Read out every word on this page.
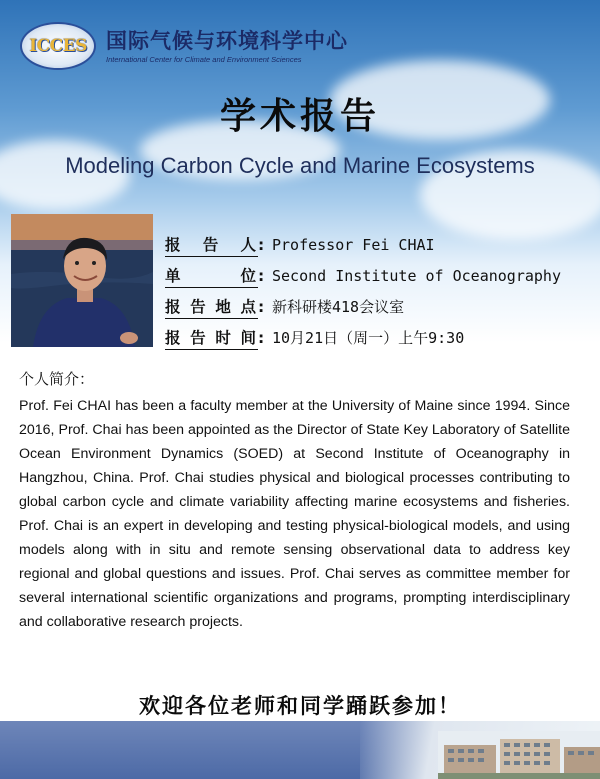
ICCES 国际气候与环境科学中心
International Center for Climate and Environment Sciences
学术报告
Modeling Carbon Cycle and Marine Ecosystems
报告人 : Professor Fei CHAI
单位 : Second Institute of Oceanography
报告地点 : 新科研楼418会议室
报告时间 : 10月21日（周一）上午9:30
个人简介：
Prof. Fei CHAI has been a faculty member at the University of Maine since 1994. Since 2016, Prof. Chai has been appointed as the Director of State Key Laboratory of Satellite Ocean Environment Dynamics (SOED) at Second Institute of Oceanography in Hangzhou, China. Prof. Chai studies physical and biological processes contributing to global carbon cycle and climate variability affecting marine ecosystems and fisheries. Prof. Chai is an expert in developing and testing physical-biological models, and using models along with in situ and remote sensing observational data to address key regional and global questions and issues. Prof. Chai serves as committee member for several international scientific organizations and programs, prompting interdisciplinary and collaborative research projects.
欢迎各位老师和同学踊跃参加！
